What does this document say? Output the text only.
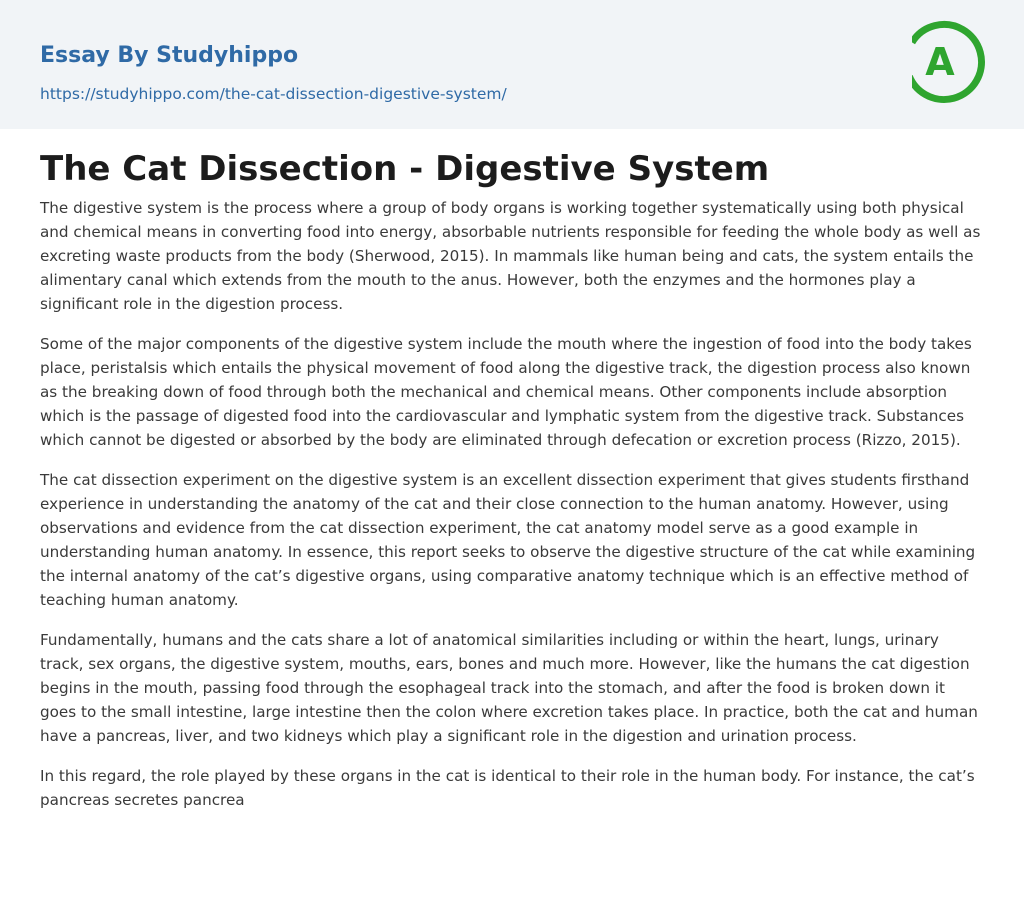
Essay By Studyhippo
https://studyhippo.com/the-cat-dissection-digestive-system/
A
The Cat Dissection - Digestive System

The digestive system is the process where a group of body organs is working together systematically using both physical and chemical means in converting food into energy, absorbable nutrients responsible for feeding the whole body as well as excreting waste products from the body (Sherwood, 2015). In mammals like human being and cats, the system entails the alimentary canal which extends from the mouth to the anus. However, both the enzymes and the hormones play a significant role in the digestion process.

Some of the major components of the digestive system include the mouth where the ingestion of food into the body takes place, peristalsis which entails the physical movement of food along the digestive track, the digestion process also known as the breaking down of food through both the mechanical and chemical means. Other components include absorption which is the passage of digested food into the cardiovascular and lymphatic system from the digestive track. Substances which cannot be digested or absorbed by the body are eliminated through defecation or excretion process (Rizzo, 2015).

The cat dissection experiment on the digestive system is an excellent dissection experiment that gives students firsthand experience in understanding the anatomy of the cat and their close connection to the human anatomy. However, using observations and evidence from the cat dissection experiment, the cat anatomy model serve as a good example in understanding human anatomy. In essence, this report seeks to observe the digestive structure of the cat while examining the internal anatomy of the cat’s digestive organs, using comparative anatomy technique which is an effective method of teaching human anatomy.

Fundamentally, humans and the cats share a lot of anatomical similarities including or within the heart, lungs, urinary track, sex organs, the digestive system, mouths, ears, bones and much more. However, like the humans the cat digestion begins in the mouth, passing food through the esophageal track into the stomach, and after the food is broken down it goes to the small intestine, large intestine then the colon where excretion takes place. In practice, both the cat and human have a pancreas, liver, and two kidneys which play a significant role in the digestion and urination process.

In this regard, the role played by these organs in the cat is identical to their role in the human body. For instance, the cat’s pancreas secretes pancrea
